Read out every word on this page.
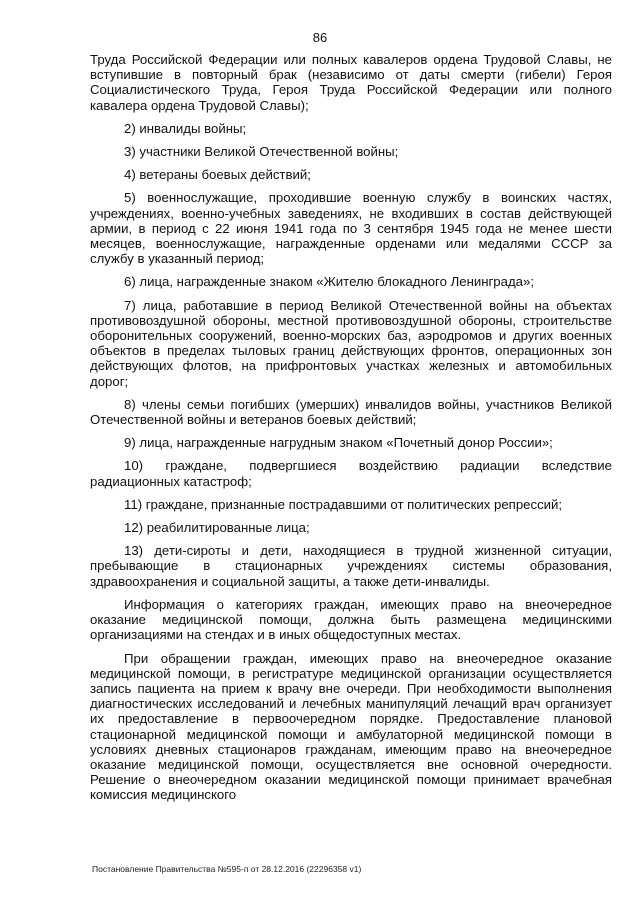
86

Труда Российской Федерации или полных кавалеров ордена Трудовой Славы, не вступившие в повторный брак (независимо от даты смерти (гибели) Героя Социалистического Труда, Героя Труда Российской Федерации или полного кавалера ордена Трудовой Славы);

2) инвалиды войны;

3) участники Великой Отечественной войны;

4) ветераны боевых действий;

5) военнослужащие, проходившие военную службу в воинских частях, учреждениях, военно-учебных заведениях, не входивших в состав действующей армии, в период с 22 июня 1941 года по 3 сентября 1945 года не менее шести месяцев, военнослужащие, награжденные орденами или медалями СССР за службу в указанный период;

6) лица, награжденные знаком «Жителю блокадного Ленинграда»;

7) лица, работавшие в период Великой Отечественной войны на объектах противовоздушной обороны, местной противовоздушной обороны, строительстве оборонительных сооружений, военно-морских баз, аэродромов и других военных объектов в пределах тыловых границ действующих фронтов, операционных зон действующих флотов, на прифронтовых участках железных и автомобильных дорог;

8) члены семьи погибших (умерших) инвалидов войны, участников Великой Отечественной войны и ветеранов боевых действий;

9) лица, награжденные нагрудным знаком «Почетный донор России»;

10) граждане, подвергшиеся воздействию радиации вследствие радиационных катастроф;

11) граждане, признанные пострадавшими от политических репрессий;

12) реабилитированные лица;

13) дети-сироты и дети, находящиеся в трудной жизненной ситуации, пребывающие в стационарных учреждениях системы образования, здравоохранения и социальной защиты, а также дети-инвалиды.

Информация о категориях граждан, имеющих право на внеочередное оказание медицинской помощи, должна быть размещена медицинскими организациями на стендах и в иных общедоступных местах.

При обращении граждан, имеющих право на внеочередное оказание медицинской помощи, в регистратуре медицинской организации осуществляется запись пациента на прием к врачу вне очереди. При необходимости выполнения диагностических исследований и лечебных манипуляций лечащий врач организует их предоставление в первоочередном порядке. Предоставление плановой стационарной медицинской помощи и амбулаторной медицинской помощи в условиях дневных стационаров гражданам, имеющим право на внеочередное оказание медицинской помощи, осуществляется вне основной очередности. Решение о внеочередном оказании медицинской помощи принимает врачебная комиссия медицинского

Постановление Правительства №595-п от 28.12.2016 (22296358 v1)
